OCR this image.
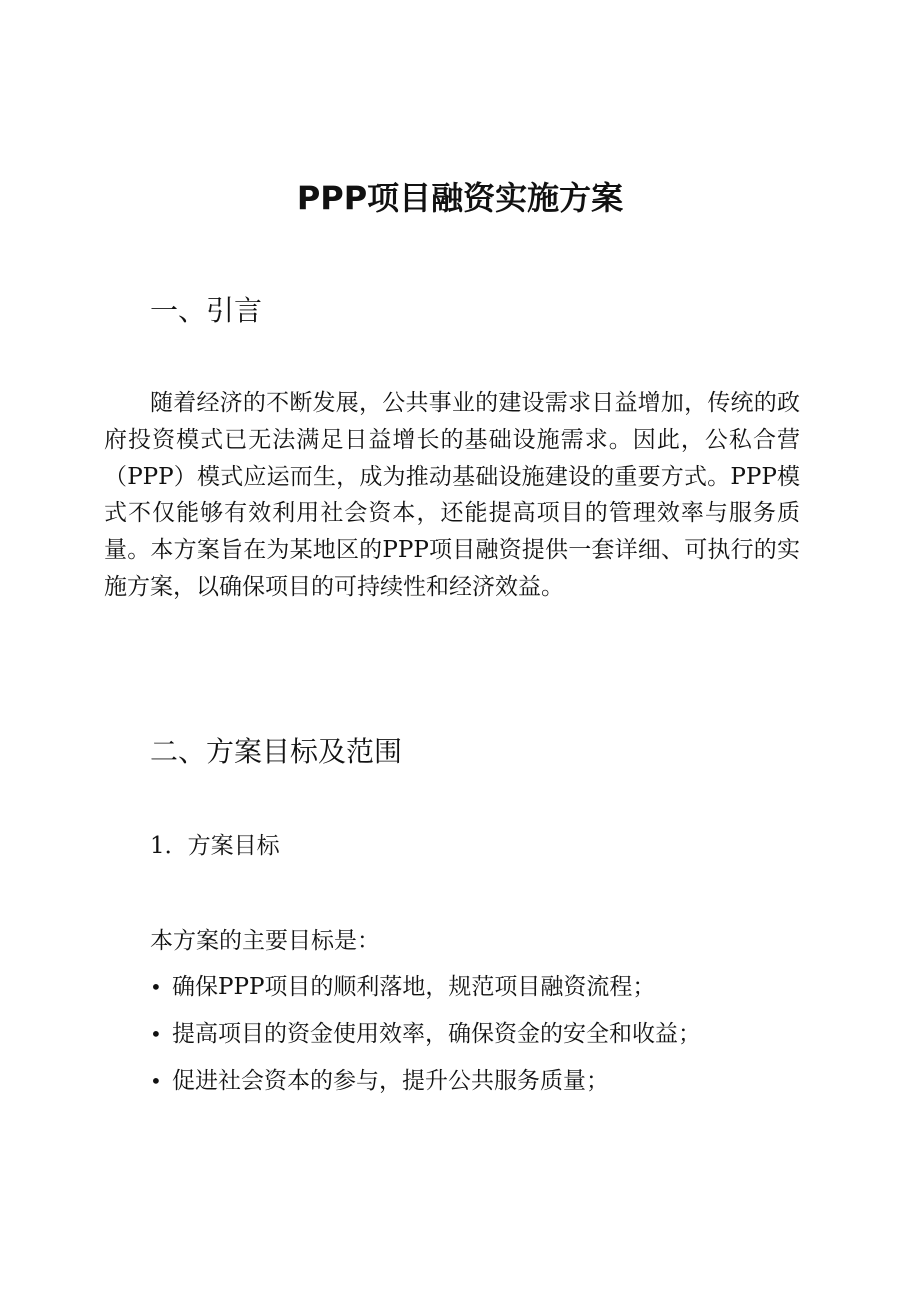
PPP项目融资实施方案
一、引言

随着经济的不断发展，公共事业的建设需求日益增加，传统的政府投资模式已无法满足日益增长的基础设施需求。因此，公私合营（PPP）模式应运而生，成为推动基础设施建设的重要方式。PPP模式不仅能够有效利用社会资本，还能提高项目的管理效率与服务质量。本方案旨在为某地区的PPP项目融资提供一套详细、可执行的实施方案，以确保项目的可持续性和经济效益。

二、方案目标及范围
1．方案目标
本方案的主要目标是：
• 确保PPP项目的顺利落地，规范项目融资流程；
• 提高项目的资金使用效率，确保资金的安全和收益；
• 促进社会资本的参与，提升公共服务质量；
